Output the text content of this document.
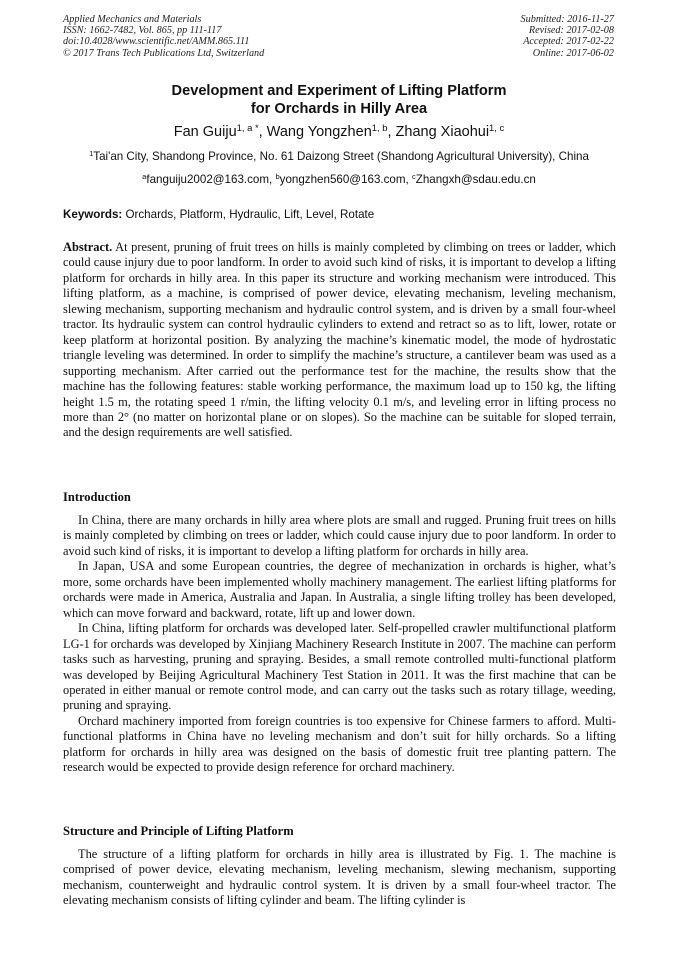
Applied Mechanics and Materials
ISSN: 1662-7482, Vol. 865, pp 111-117
doi:10.4028/www.scientific.net/AMM.865.111
© 2017 Trans Tech Publications Ltd, Switzerland
Submitted: 2016-11-27
Revised: 2017-02-08
Accepted: 2017-02-22
Online: 2017-06-02
Development and Experiment of Lifting Platform
for Orchards in Hilly Area
Fan Guiju$^{1, a *}$, Wang Yongzhen$^{1, b}$, Zhang Xiaohui$^{1, c}$
$^1$Tai'an City, Shandong Province, No. 61 Daizong Street (Shandong Agricultural University), China
$^a$fanguiju2002@163.com, $^b$yongzhen560@163.com, $^c$Zhangxh@sdau.edu.cn
Keywords: Orchards, Platform, Hydraulic, Lift, Level, Rotate

Abstract. At present, pruning of fruit trees on hills is mainly completed by climbing on trees or ladder, which could cause injury due to poor landform. In order to avoid such kind of risks, it is important to develop a lifting platform for orchards in hilly area. In this paper its structure and working mechanism were introduced. This lifting platform, as a machine, is comprised of power device, elevating mechanism, leveling mechanism, slewing mechanism, supporting mechanism and hydraulic control system, and is driven by a small four-wheel tractor. Its hydraulic system can control hydraulic cylinders to extend and retract so as to lift, lower, rotate or keep platform at horizontal position. By analyzing the machine’s kinematic model, the mode of hydrostatic triangle leveling was determined. In order to simplify the machine’s structure, a cantilever beam was used as a supporting mechanism. After carried out the performance test for the machine, the results show that the machine has the following features: stable working performance, the maximum load up to 150 kg, the lifting height 1.5 m, the rotating speed 1 r/min, the lifting velocity 0.1 m/s, and leveling error in lifting process no more than 2° (no matter on horizontal plane or on slopes). So the machine can be suitable for sloped terrain, and the design requirements are well satisfied.

Introduction

In China, there are many orchards in hilly area where plots are small and rugged. Pruning fruit trees on hills is mainly completed by climbing on trees or ladder, which could cause injury due to poor landform. In order to avoid such kind of risks, it is important to develop a lifting platform for orchards in hilly area.

In Japan, USA and some European countries, the degree of mechanization in orchards is higher, what’s more, some orchards have been implemented wholly machinery management. The earliest lifting platforms for orchards were made in America, Australia and Japan. In Australia, a single lifting trolley has been developed, which can move forward and backward, rotate, lift up and lower down.

In China, lifting platform for orchards was developed later. Self-propelled crawler multifunctional platform LG-1 for orchards was developed by Xinjiang Machinery Research Institute in 2007. The machine can perform tasks such as harvesting, pruning and spraying. Besides, a small remote controlled multi-functional platform was developed by Beijing Agricultural Machinery Test Station in 2011. It was the first machine that can be operated in either manual or remote control mode, and can carry out the tasks such as rotary tillage, weeding, pruning and spraying.

Orchard machinery imported from foreign countries is too expensive for Chinese farmers to afford. Multi-functional platforms in China have no leveling mechanism and don’t suit for hilly orchards. So a lifting platform for orchards in hilly area was designed on the basis of domestic fruit tree planting pattern. The research would be expected to provide design reference for orchard machinery.

Structure and Principle of Lifting Platform

The structure of a lifting platform for orchards in hilly area is illustrated by Fig. 1. The machine is comprised of power device, elevating mechanism, leveling mechanism, slewing mechanism, supporting mechanism, counterweight and hydraulic control system. It is driven by a small four-wheel tractor. The elevating mechanism consists of lifting cylinder and beam. The lifting cylinder is
